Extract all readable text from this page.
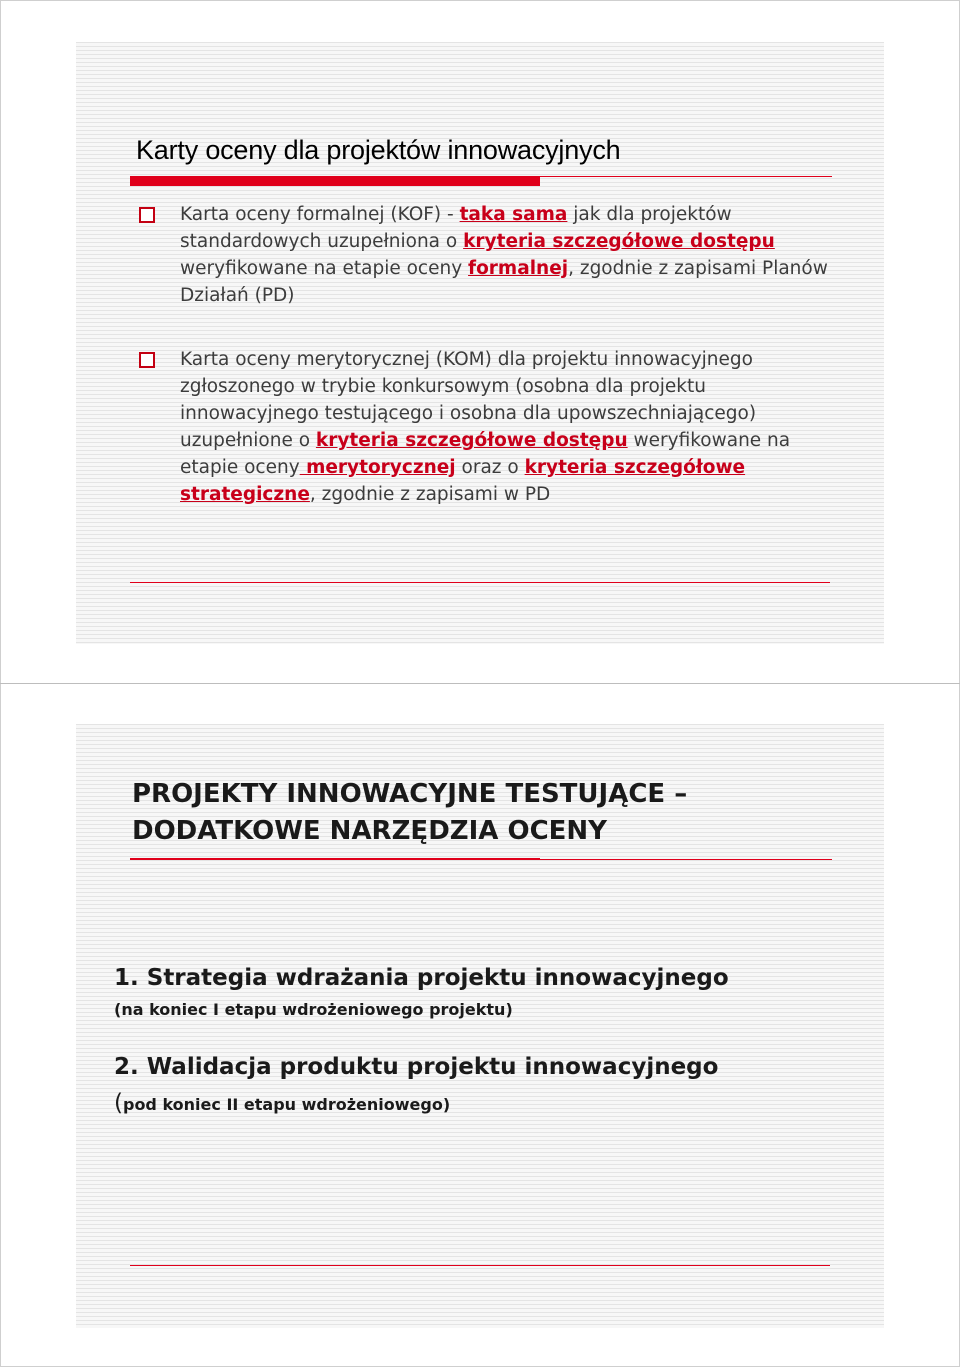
Karty oceny dla projektów innowacyjnych
Karta oceny formalnej (KOF) - taka sama jak dla projektów standardowych uzupełniona o kryteria szczegółowe dostępu weryfikowane na etapie oceny formalnej, zgodnie z zapisami Planów Działań (PD)
Karta oceny merytorycznej (KOM) dla projektu innowacyjnego zgłoszonego w trybie konkursowym (osobna dla projektu innowacyjnego testującego i osobna dla upowszechniającego) uzupełnione o kryteria szczegółowe dostępu weryfikowane na etapie oceny merytorycznej oraz o kryteria szczegółowe strategiczne, zgodnie z zapisami w PD
PROJEKTY INNOWACYJNE TESTUJĄCE – DODATKOWE NARZĘDZIA OCENY

1. Strategia wdrażania projektu innowacyjnego

(na koniec I etapu wdrożeniowego projektu)

2. Walidacja produktu projektu innowacyjnego

(pod koniec II etapu wdrożeniowego)
